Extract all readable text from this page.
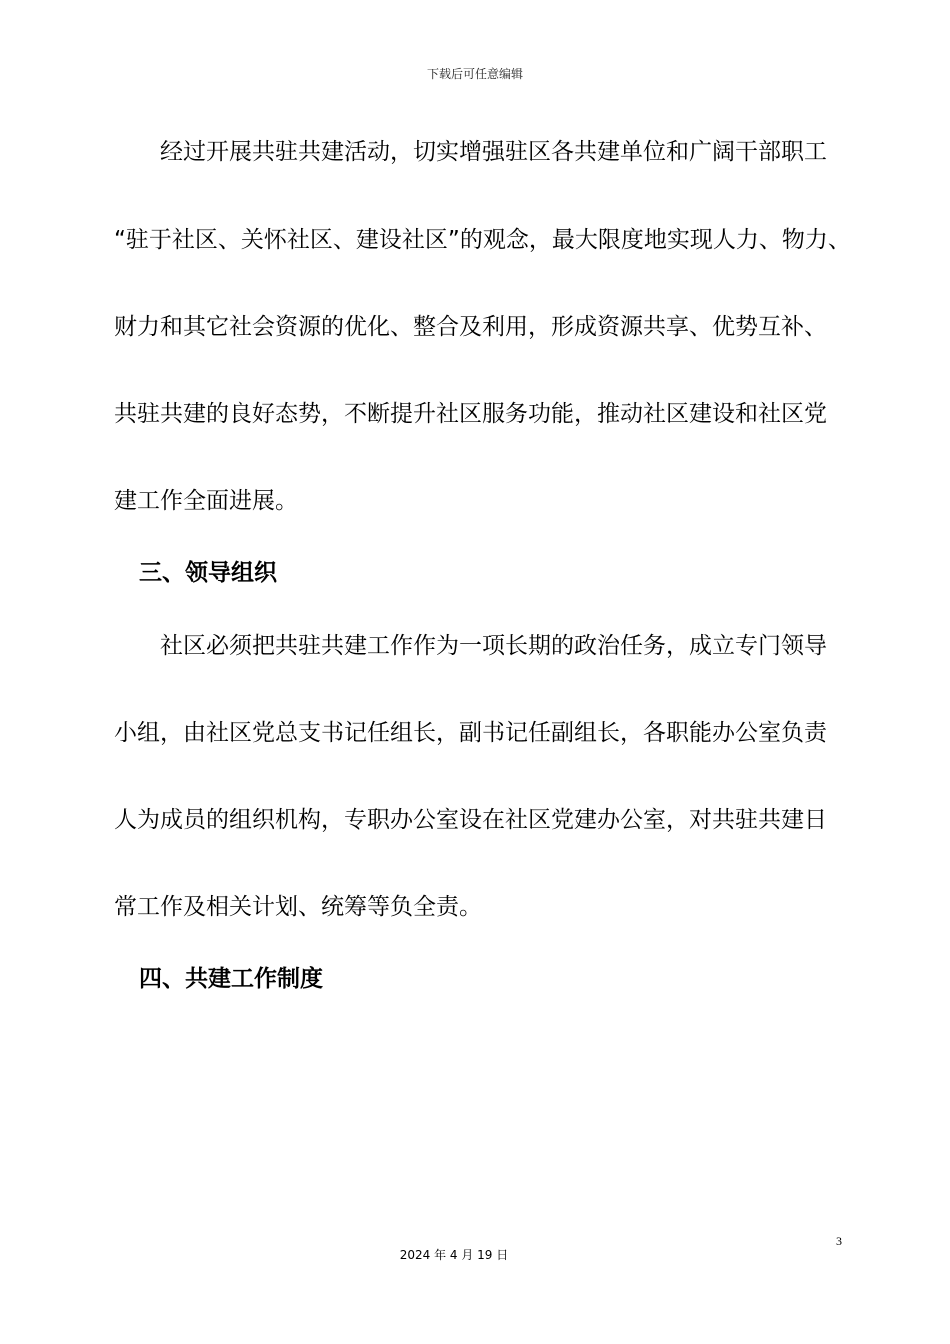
下载后可任意编辑
　　经过开展共驻共建活动，切实增强驻区各共建单位和广阔干部职工
“驻于社区、关怀社区、建设社区”的观念，最大限度地实现人力、物力、
财力和其它社会资源的优化、整合及利用，形成资源共享、优势互补、
共驻共建的良好态势，不断提升社区服务功能，推动社区建设和社区党
建工作全面进展。
三、领导组织
　　社区必须把共驻共建工作作为一项长期的政治任务，成立专门领导
小组，由社区党总支书记任组长，副书记任副组长，各职能办公室负责
人为成员的组织机构，专职办公室设在社区党建办公室，对共驻共建日
常工作及相关计划、统筹等负全责。
四、共建工作制度
3
2024 年 4 月 19 日
